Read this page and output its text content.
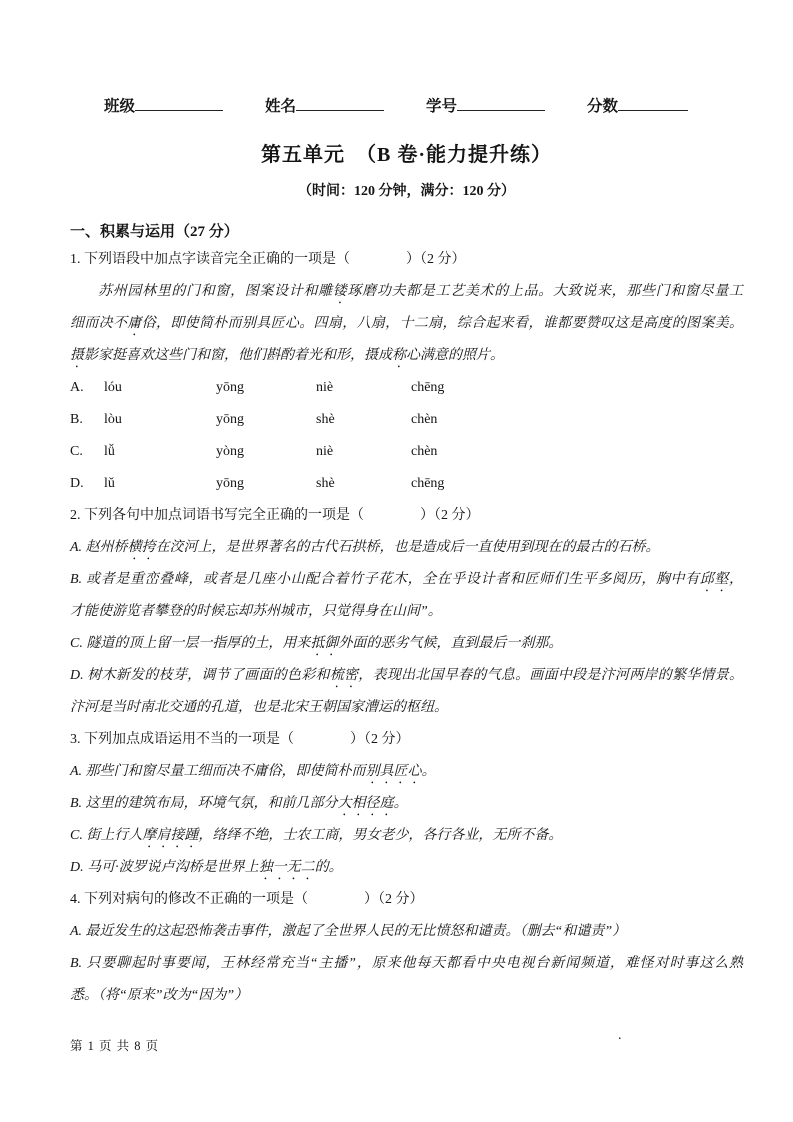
班级	姓名	学号	分数
第五单元　（B 卷·能力提升练）
（时间：120 分钟，满分：120 分）
一、积累与运用（27 分）

1. 下列语段中加点字读音完全正确的一项是（　　　　）（2 分）

苏州园林里的门和窗，图案设计和雕镂琢磨功夫都是工艺美术的上品。大致说来，那些门和窗尽量工

细而决不庸俗，即使简朴而别具匠心。四扇，八扇，十二扇，综合起来看，谁都要赞叹这是高度的图案美。

摄影家挺喜欢这些门和窗，他们斟酌着光和形，摄成称心满意的照片。

A. lóu	yōng	niè	chēng

B. lòu	yōng	shè	chèn

C. lǚ	yòng	niè	chèn

D. lǔ	yōng	shè	chēng

2. 下列各句中加点词语书写完全正确的一项是（　　　　）（2 分）

A. 赵州桥横挎在洨河上，是世界著名的古代石拱桥，也是造成后一直使用到现在的最古的石桥。

B. 或者是重峦叠峰，或者是几座小山配合着竹子花木，全在乎设计者和匠师们生平多阅历，胸中有邱壑，

才能使游览者攀登的时候忘却苏州城市，只觉得身在山间”。

C. 隧道的顶上留一层一指厚的土，用来抵御外面的恶劣气候，直到最后一刹那。

D. 树木新发的枝芽，调节了画面的色彩和梳密，表现出北国早春的气息。画面中段是汴河两岸的繁华情景。

汴河是当时南北交通的孔道，也是北宋王朝国家漕运的枢纽。

3. 下列加点成语运用不当的一项是（　　　　）（2 分）

A. 那些门和窗尽量工细而决不庸俗，即使简朴而别具匠心。

B. 这里的建筑布局，环境气氛，和前几部分大相径庭。

C. 街上行人摩肩接踵，络绎不绝，士农工商，男女老少，各行各业，无所不备。

D. 马可·波罗说卢沟桥是世界上独一无二的。

4. 下列对病句的修改不正确的一项是（　　　　）（2 分）

A. 最近发生的这起恐怖袭击事件，激起了全世界人民的无比愤怒和谴责。（删去“和谴责”）

B. 只要聊起时事要闻，王林经常充当“主播”，原来他每天都看中央电视台新闻频道，难怪对时事这么熟

悉。（将“原来”改为“因为”）

第 1 页 共 8 页
.
